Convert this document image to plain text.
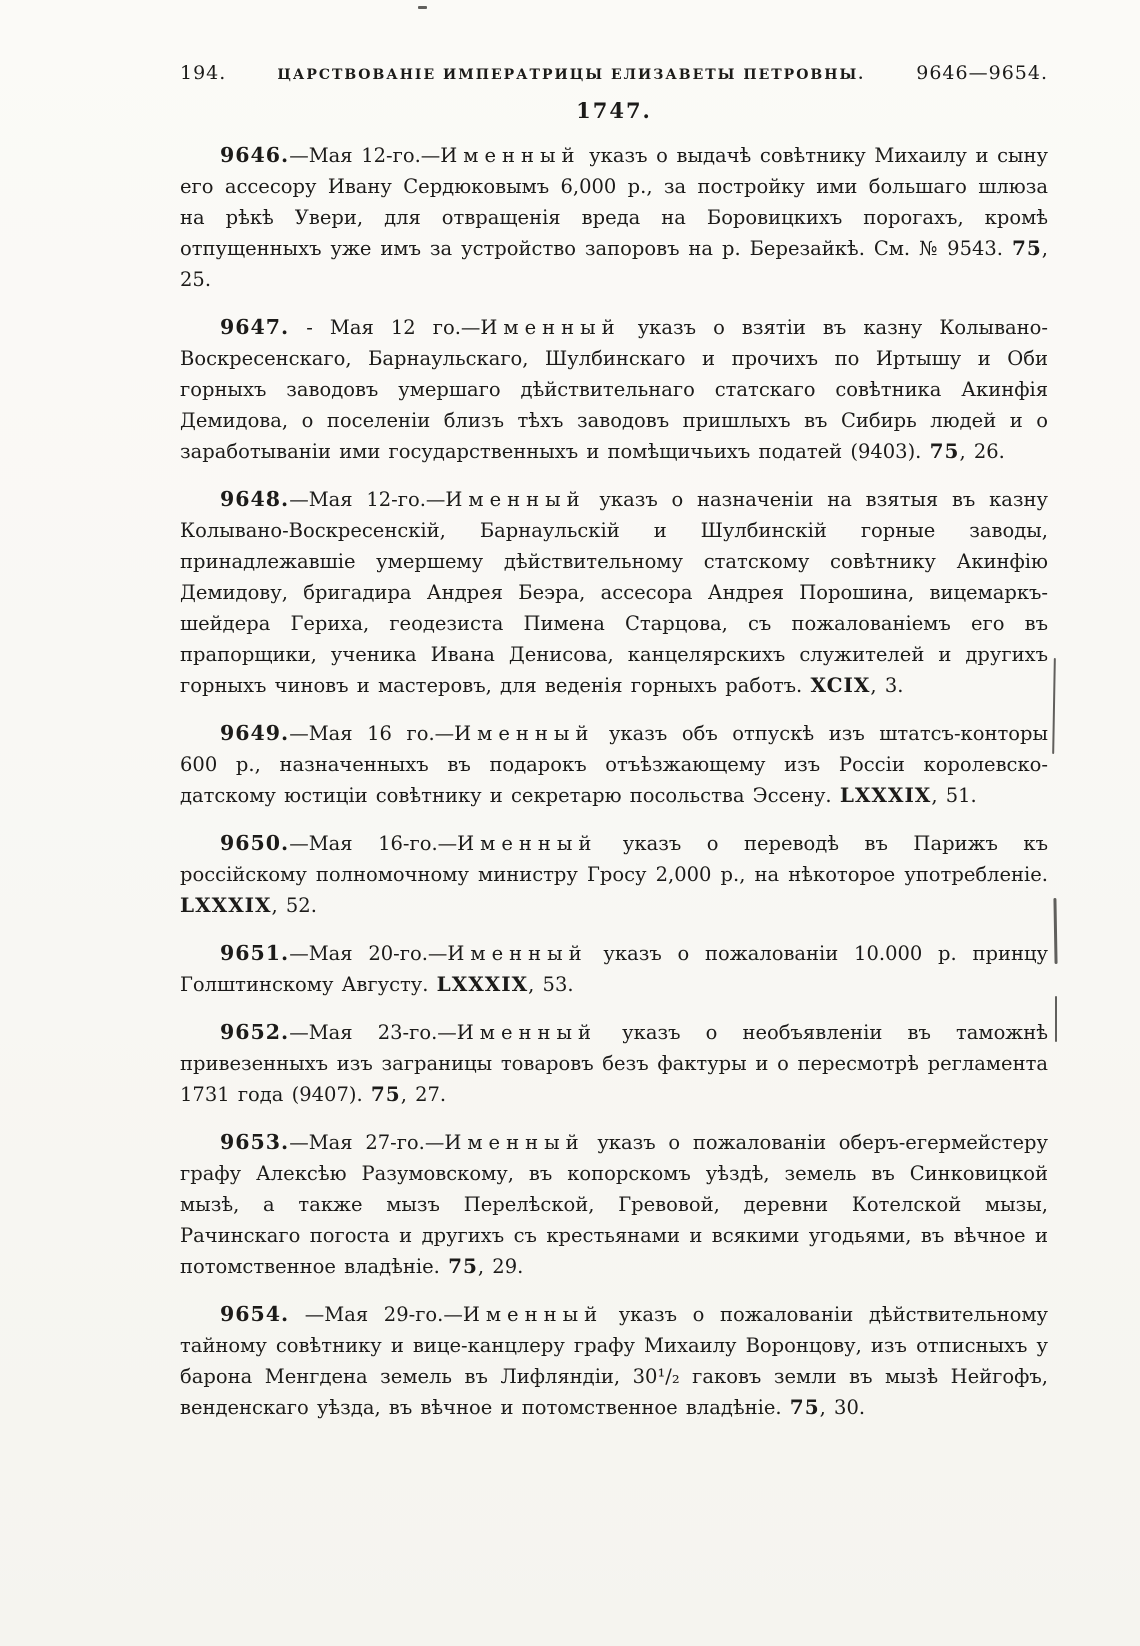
194.	ЦАРСТВОВАНІЕ ИМПЕРАТРИЦЫ ЕЛИЗАВЕТЫ ПЕТРОВНЫ.	9646—9654.
1747.

9646.—Мая 12-го.—Именный указъ о выдачѣ совѣтнику Михаилу и сыну его ассесору Ивану Сердюковымъ 6,000 р., за постройку ими большаго шлюза на рѣкѣ Увери, для отвращенія вреда на Боровицкихъ порогахъ, кромѣ отпущенныхъ уже имъ за устройство запоровъ на р. Березайкѣ. См. № 9543. 75, 25.

9647. - Мая 12 го.—Именный указъ о взятіи въ казну Колывано-Воскресенскаго, Барнаульскаго, Шулбинскаго и прочихъ по Иртышу и Оби горныхъ заводовъ умершаго дѣйствительнаго статскаго совѣтника Акинфія Демидова, о поселеніи близъ тѣхъ заводовъ пришлыхъ въ Сибирь людей и о заработываніи ими государственныхъ и помѣщичьихъ податей (9403). 75, 26.

9648.—Мая 12-го.—Именный указъ о назначеніи на взятыя въ казну Колывано-Воскресенскій, Барнаульскій и Шулбинскій горные заводы, принадлежавшіе умершему дѣйствительному статскому совѣтнику Акинфію Демидову, бригадира Андрея Беэра, ассесора Андрея Порошина, вицемаркъ-шейдера Гериха, геодезиста Пимена Старцова, съ пожалованіемъ его въ прапорщики, ученика Ивана Денисова, канцелярскихъ служителей и другихъ горныхъ чиновъ и мастеровъ, для веденія горныхъ работъ. XCIX, 3.

9649.—Мая 16 го.—Именный указъ объ отпускѣ изъ штатсъ-конторы 600 р., назначенныхъ въ подарокъ отъѣзжающему изъ Россіи королевско-датскому юстиціи совѣтнику и секретарю посольства Эссену. LXXXIX, 51.

9650.—Мая 16-го.—Именный указъ о переводѣ въ Парижъ къ россійскому полномочному министру Гросу 2,000 р., на нѣкоторое употребленіе. LXXXIX, 52.

9651.—Мая 20-го.—Именный указъ о пожалованіи 10.000 р. принцу Голштинскому Августу. LXXXIX, 53.

9652.—Мая 23-го.—Именный указъ о необъявленіи въ таможнѣ привезенныхъ изъ заграницы товаровъ безъ фактуры и о пересмотрѣ регламента 1731 года (9407). 75, 27.

9653.—Мая 27-го.—Именный указъ о пожалованіи оберъ-егермейстеру графу Алексѣю Разумовскому, въ копорскомъ уѣздѣ, земель въ Синковицкой мызѣ, а также мызъ Перелѣской, Гревовой, деревни Котелской мызы, Рачинскаго погоста и другихъ съ крестьянами и всякими угодьями, въ вѣчное и потомственное владѣніе. 75, 29.

9654. —Мая 29-го.—Именный указъ о пожалованіи дѣйствительному тайному совѣтнику и вице-канцлеру графу Михаилу Воронцову, изъ отписныхъ у барона Менгдена земель въ Лифляндіи, 30¹/₂ гаковъ земли въ мызѣ Нейгофъ, венденскаго уѣзда, въ вѣчное и потомственное владѣніе. 75, 30.
